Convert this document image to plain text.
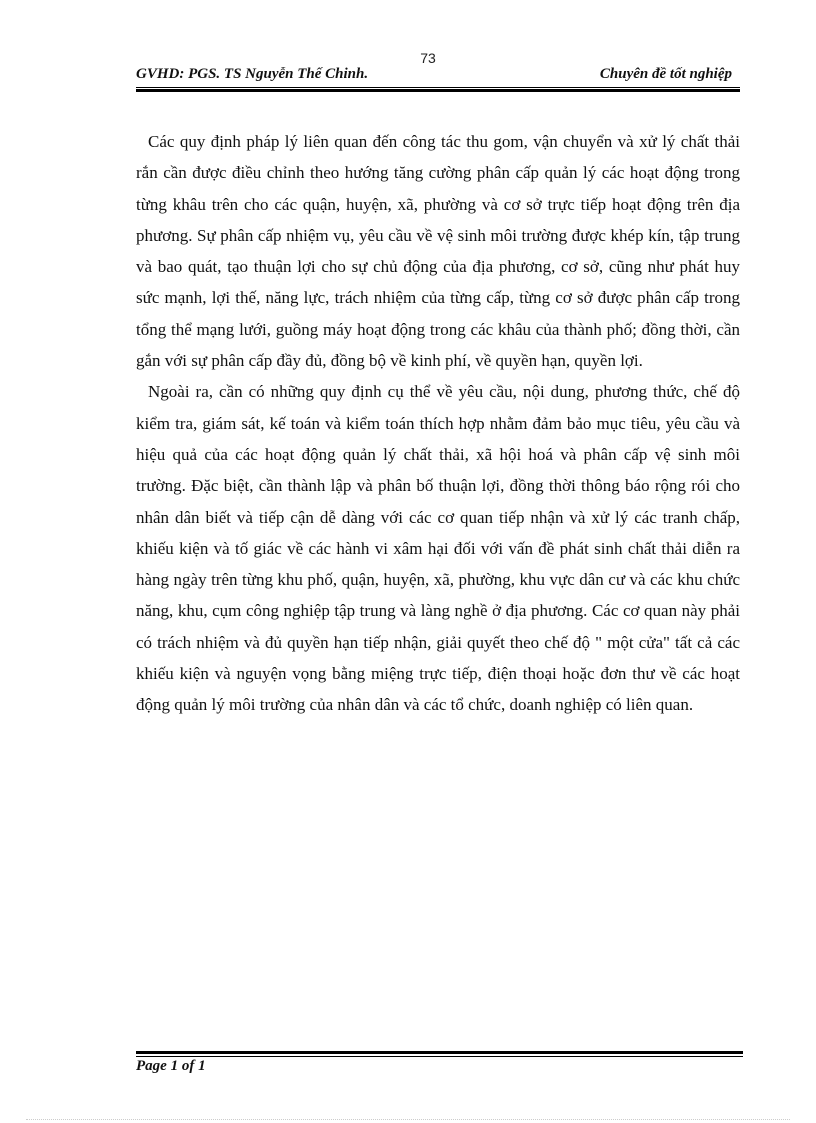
73
GVHD: PGS. TS Nguyễn Thế Chinh.	Chuyên đề tốt nghiệp

Các quy định pháp lý liên quan đến công tác thu gom, vận chuyển và xử lý chất thải rắn cần được điều chỉnh theo hướng tăng cường phân cấp quản lý các hoạt động trong từng khâu trên cho các quận, huyện, xã, phường và cơ sở trực tiếp hoạt động trên địa phương. Sự phân cấp nhiệm vụ, yêu cầu về vệ sinh môi trường được khép kín, tập trung và bao quát, tạo thuận lợi cho sự chủ động của địa phương, cơ sở, cũng như phát huy sức mạnh, lợi thế, năng lực, trách nhiệm của từng cấp, từng cơ sở được phân cấp trong tổng thể mạng lưới, guồng máy hoạt động trong các khâu của thành phố; đồng thời, cần gắn với sự phân cấp đầy đủ, đồng bộ về kinh phí, về quyền hạn, quyền lợi.

Ngoài ra, cần có những quy định cụ thể về yêu cầu, nội dung, phương thức, chế độ kiểm tra, giám sát, kế toán và kiểm toán thích hợp nhằm đảm bảo mục tiêu, yêu cầu và hiệu quả của các hoạt động quản lý chất thải, xã hội hoá và phân cấp vệ sinh môi trường. Đặc biệt, cần thành lập và phân bố thuận lợi, đồng thời thông báo rộng rói cho nhân dân biết và tiếp cận dễ dàng với các cơ quan tiếp nhận và xử lý các tranh chấp, khiếu kiện và tố giác về các hành vi xâm hại đối với vấn đề phát sinh chất thải diễn ra hàng ngày trên từng khu phố, quận, huyện, xã, phường, khu vực dân cư và các khu chức năng, khu, cụm công nghiệp tập trung và làng nghề ở địa phương. Các cơ quan này phải có trách nhiệm và đủ quyền hạn tiếp nhận, giải quyết theo chế độ " một cửa" tất cả các khiếu kiện và nguyện vọng bằng miệng trực tiếp, điện thoại hoặc đơn thư về các hoạt động quản lý môi trường của nhân dân và các tổ chức, doanh nghiệp có liên quan.

Page 1 of 1
